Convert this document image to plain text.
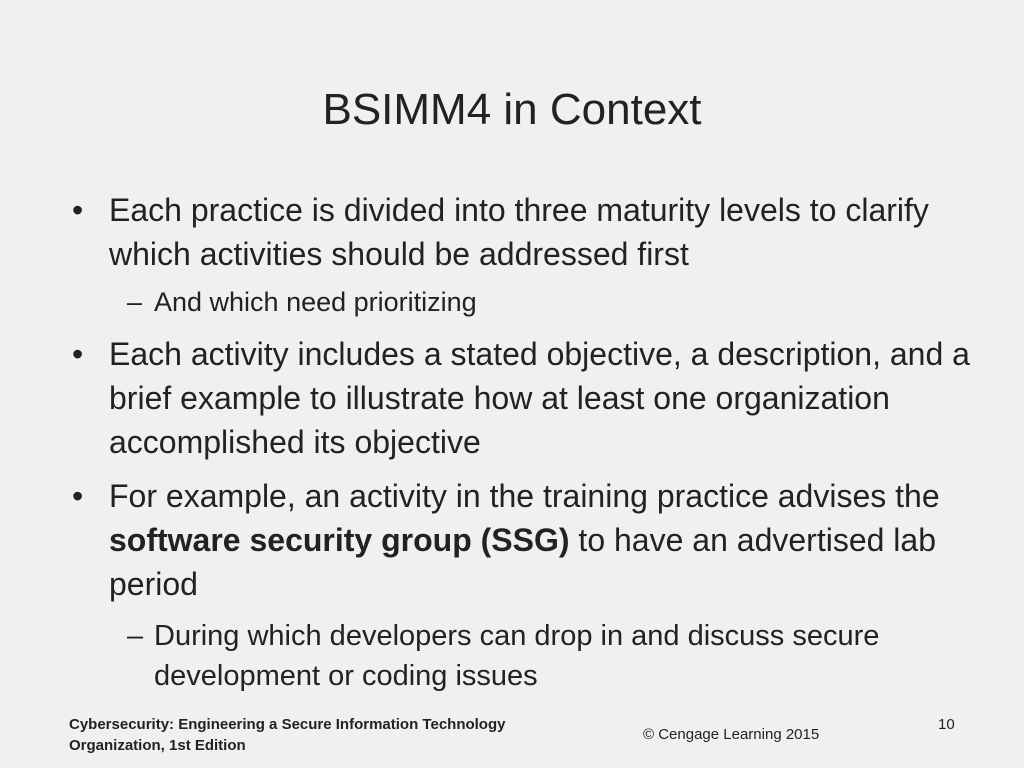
BSIMM4 in Context
• Each practice is divided into three maturity levels to clarify which activities should be addressed first
– And which need prioritizing
• Each activity includes a stated objective, a description, and a brief example to illustrate how at least one organization accomplished its objective
• For example, an activity in the training practice advises the software security group (SSG) to have an advertised lab period
– During which developers can drop in and discuss secure development or coding issues
Cybersecurity: Engineering a Secure Information Technology
Organization, 1st Edition
© Cengage Learning 2015
10
